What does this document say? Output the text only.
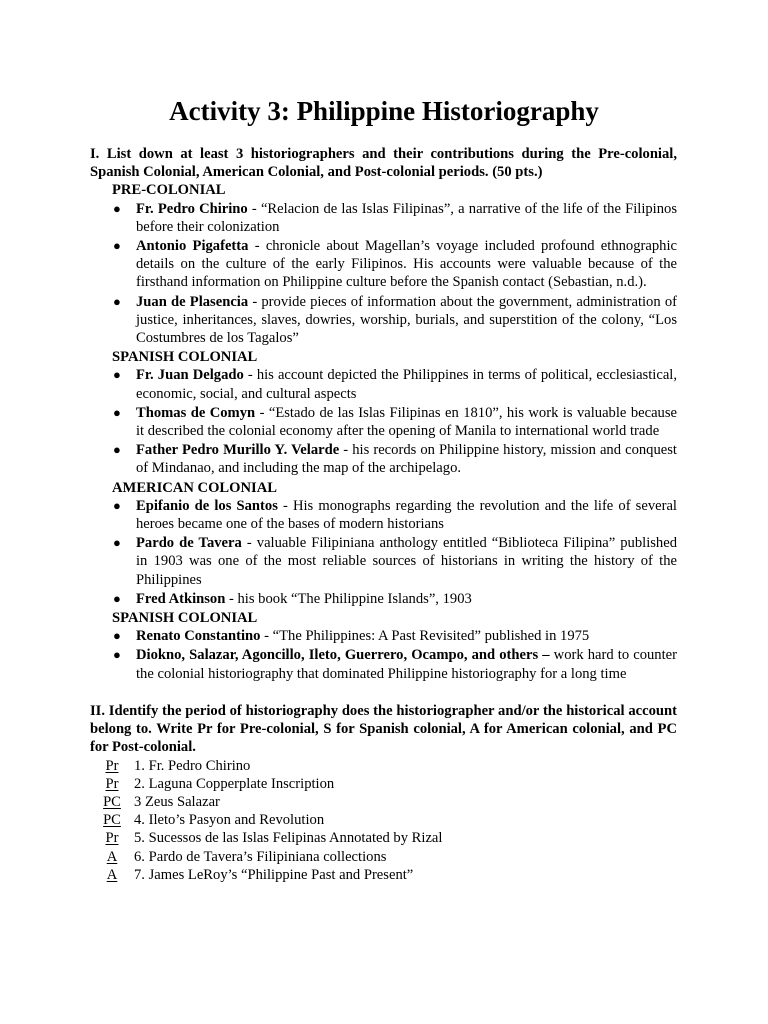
Activity 3: Philippine Historiography

I. List down at least 3 historiographers and their contributions during the Pre-colonial, Spanish Colonial, American Colonial, and Post-colonial periods. (50 pts.)

PRE-COLONIAL

● Fr. Pedro Chirino - “Relacion de las Islas Filipinas”, a narrative of the life of the Filipinos before their colonization
● Antonio Pigafetta - chronicle about Magellan’s voyage included profound ethnographic details on the culture of the early Filipinos. His accounts were valuable because of the firsthand information on Philippine culture before the Spanish contact (Sebastian, n.d.).
● Juan de Plasencia - provide pieces of information about the government, administration of justice, inheritances, slaves, dowries, worship, burials, and superstition of the colony, “Los Costumbres de los Tagalos”

SPANISH COLONIAL

● Fr. Juan Delgado - his account depicted the Philippines in terms of political, ecclesiastical, economic, social, and cultural aspects
● Thomas de Comyn - “Estado de las Islas Filipinas en 1810”, his work is valuable because it described the colonial economy after the opening of Manila to international world trade
● Father Pedro Murillo Y. Velarde - his records on Philippine history, mission and conquest of Mindanao, and including the map of the archipelago.

AMERICAN COLONIAL

● Epifanio de los Santos - His monographs regarding the revolution and the life of several heroes became one of the bases of modern historians
● Pardo de Tavera - valuable Filipiniana anthology entitled “Biblioteca Filipina” published in 1903 was one of the most reliable sources of historians in writing the history of the Philippines
● Fred Atkinson - his book “The Philippine Islands”, 1903

SPANISH COLONIAL

● Renato Constantino - “The Philippines: A Past Revisited” published in 1975
● Diokno, Salazar, Agoncillo, Ileto, Guerrero, Ocampo, and others – work hard to counter the colonial historiography that dominated Philippine historiography for a long time

II. Identify the period of historiography does the historiographer and/or the historical account belong to. Write Pr for Pre-colonial, S for Spanish colonial, A for American colonial, and PC for Post-colonial.

Pr 1. Fr. Pedro Chirino
Pr 2. Laguna Copperplate Inscription
PC 3 Zeus Salazar
PC 4. Ileto’s Pasyon and Revolution
Pr 5. Sucessos de las Islas Felipinas Annotated by Rizal
A 6. Pardo de Tavera’s Filipiniana collections
A 7. James LeRoy’s “Philippine Past and Present”
